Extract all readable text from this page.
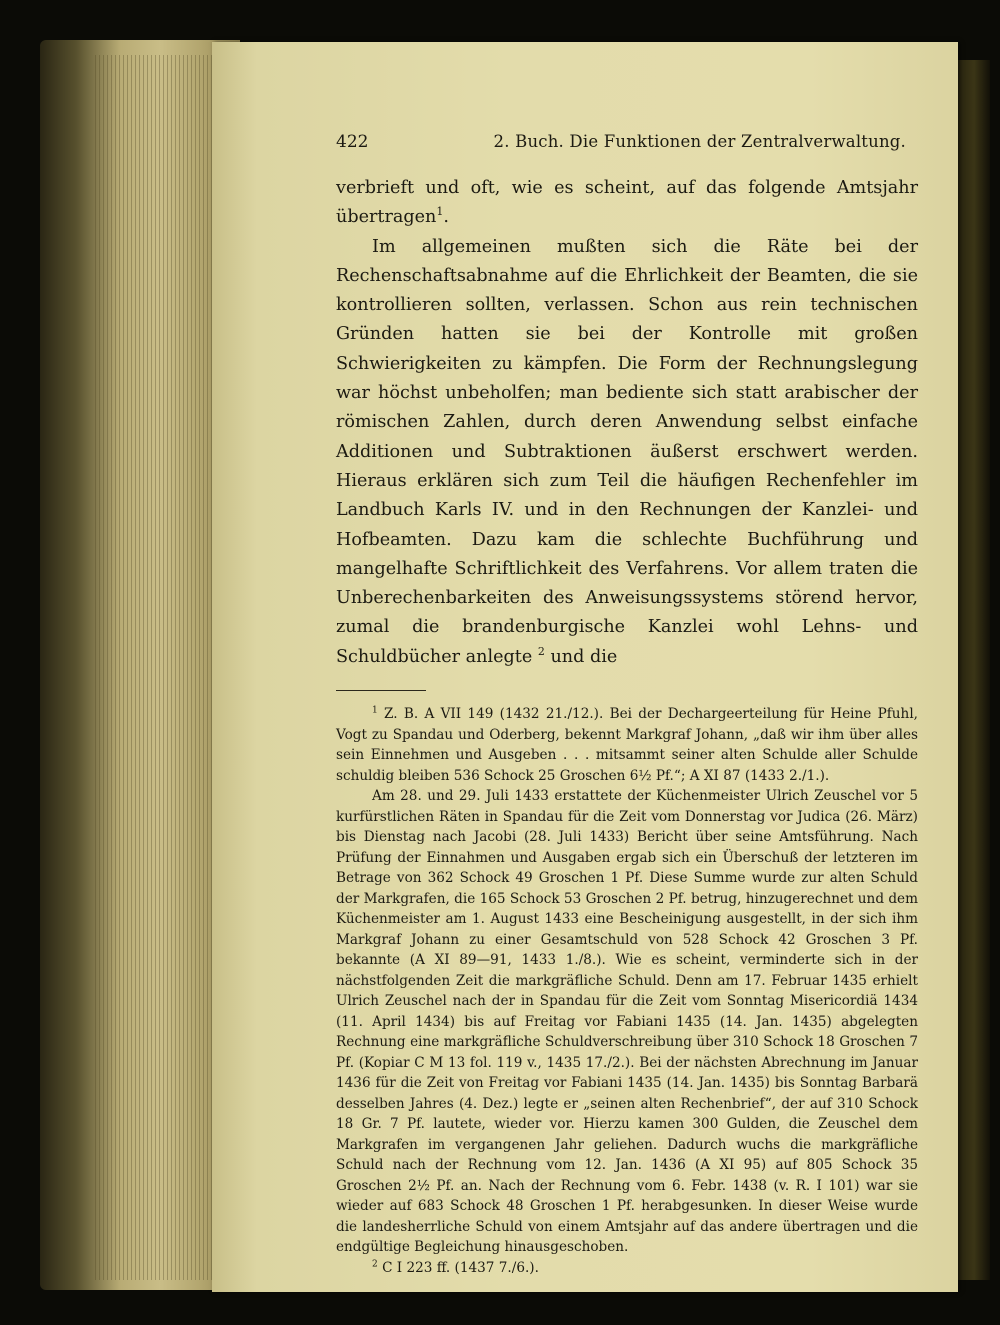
422	2. Buch. Die Funktionen der Zentralverwaltung.

verbrieft und oft, wie es scheint, auf das folgende Amtsjahr übertragen$^1$.

Im allgemeinen mußten sich die Räte bei der Rechenschaftsabnahme auf die Ehrlichkeit der Beamten, die sie kontrollieren sollten, verlassen. Schon aus rein technischen Gründen hatten sie bei der Kontrolle mit großen Schwierigkeiten zu kämpfen. Die Form der Rechnungslegung war höchst unbeholfen; man bediente sich statt arabischer der römischen Zahlen, durch deren Anwendung selbst einfache Additionen und Subtraktionen äußerst erschwert werden. Hieraus erklären sich zum Teil die häufigen Rechenfehler im Landbuch Karls IV. und in den Rechnungen der Kanzlei- und Hofbeamten. Dazu kam die schlechte Buchführung und mangelhafte Schriftlichkeit des Verfahrens. Vor allem traten die Unberechenbarkeiten des Anweisungssystems störend hervor, zumal die brandenburgische Kanzlei wohl Lehns- und Schuldbücher anlegte $^2$ und die

$^1$ Z. B. A VII 149 (1432 21./12.). Bei der Dechargeerteilung für Heine Pfuhl, Vogt zu Spandau und Oderberg, bekennt Markgraf Johann, „daß wir ihm über alles sein Einnehmen und Ausgeben . . . mitsammt seiner alten Schulde aller Schulde schuldig bleiben 536 Schock 25 Groschen 6½ Pf.“; A XI 87 (1433 2./1.).

Am 28. und 29. Juli 1433 erstattete der Küchenmeister Ulrich Zeuschel vor 5 kurfürstlichen Räten in Spandau für die Zeit vom Donnerstag vor Judica (26. März) bis Dienstag nach Jacobi (28. Juli 1433) Bericht über seine Amtsführung. Nach Prüfung der Einnahmen und Ausgaben ergab sich ein Überschuß der letzteren im Betrage von 362 Schock 49 Groschen 1 Pf. Diese Summe wurde zur alten Schuld der Markgrafen, die 165 Schock 53 Groschen 2 Pf. betrug, hinzugerechnet und dem Küchenmeister am 1. August 1433 eine Bescheinigung ausgestellt, in der sich ihm Markgraf Johann zu einer Gesamtschuld von 528 Schock 42 Groschen 3 Pf. bekannte (A XI 89—91, 1433 1./8.). Wie es scheint, verminderte sich in der nächstfolgenden Zeit die markgräfliche Schuld. Denn am 17. Februar 1435 erhielt Ulrich Zeuschel nach der in Spandau für die Zeit vom Sonntag Misericordiä 1434 (11. April 1434) bis auf Freitag vor Fabiani 1435 (14. Jan. 1435) abgelegten Rechnung eine markgräfliche Schuldverschreibung über 310 Schock 18 Groschen 7 Pf. (Kopiar C M 13 fol. 119 v., 1435 17./2.). Bei der nächsten Abrechnung im Januar 1436 für die Zeit von Freitag vor Fabiani 1435 (14. Jan. 1435) bis Sonntag Barbarä desselben Jahres (4. Dez.) legte er „seinen alten Rechenbrief“, der auf 310 Schock 18 Gr. 7 Pf. lautete, wieder vor. Hierzu kamen 300 Gulden, die Zeuschel dem Markgrafen im vergangenen Jahr geliehen. Dadurch wuchs die markgräfliche Schuld nach der Rechnung vom 12. Jan. 1436 (A XI 95) auf 805 Schock 35 Groschen 2½ Pf. an. Nach der Rechnung vom 6. Febr. 1438 (v. R. I 101) war sie wieder auf 683 Schock 48 Groschen 1 Pf. herabgesunken. In dieser Weise wurde die landesherrliche Schuld von einem Amtsjahr auf das andere übertragen und die endgültige Begleichung hinausgeschoben.

$^2$ C I 223 ff. (1437 7./6.).
